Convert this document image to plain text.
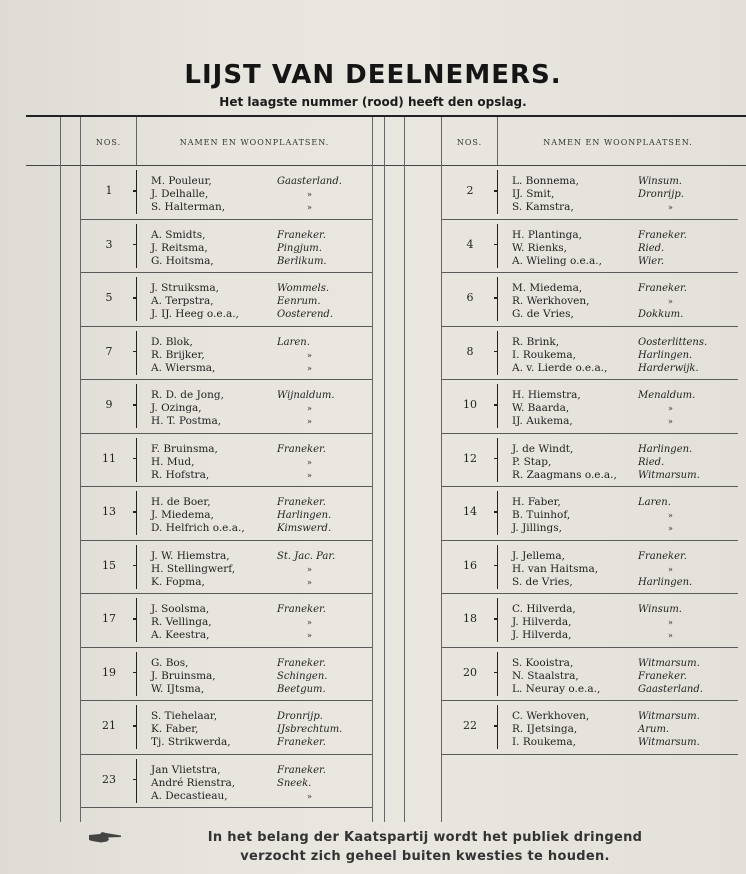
LIJST VAN DEELNEMERS.
Het laagste nummer (rood) heeft den opslag.
NOS.	NAMEN EN WOONPLAATSEN.	NOS.	NAMEN EN WOONPLAATSEN.
1
M. Pouleur,	Gaasterland.
J. Delhalle,	»
S. Halterman,	»
3
A. Smidts,	Franeker.
J. Reitsma,	Pingjum.
G. Hoitsma,	Berlikum.
5
J. Struiksma,	Wommels.
A. Terpstra,	Eenrum.
J. IJ. Heeg o.e.a.,	Oosterend.
7
D. Blok,	Laren.
R. Brijker,	»
A. Wiersma,	»
9
R. D. de Jong,	Wijnaldum.
J. Ozinga,	»
H. T. Postma,	»
11
F. Bruinsma,	Franeker.
H. Mud,	»
R. Hofstra,	»
13
H. de Boer,	Franeker.
J. Miedema,	Harlingen.
D. Helfrich o.e.a.,	Kimswerd.
15
J. W. Hiemstra,	St. Jac. Par.
H. Stellingwerf,	»
K. Fopma,	»
17
J. Soolsma,	Franeker.
R. Vellinga,	»
A. Keestra,	»
19
G. Bos,	Franeker.
J. Bruinsma,	Schingen.
W. IJtsma,	Beetgum.
21
S. Tiehelaar,	Dronrijp.
K. Faber,	IJsbrechtum.
Tj. Strikwerda,	Franeker.
23
Jan Vlietstra,	Franeker.
André Rienstra,	Sneek.
A. Decastieau,	»
2
L. Bonnema,	Winsum.
IJ. Smit,	Dronrijp.
S. Kamstra,	»
4
H. Plantinga,	Franeker.
W. Rienks,	Ried.
A. Wieling o.e.a.,	Wier.
6
M. Miedema,	Franeker.
R. Werkhoven,	»
G. de Vries,	Dokkum.
8
R. Brink,	Oosterlittens.
I. Roukema,	Harlingen.
A. v. Lierde o.e.a.,	Harderwijk.
10
H. Hiemstra,	Menaldum.
W. Baarda,	»
IJ. Aukema,	»
12
J. de Windt,	Harlingen.
P. Stap,	Ried.
R. Zaagmans o.e.a., Witmarsum.
14
H. Faber,	Laren.
B. Tuinhof,	»
J. Jillings,	»
16
J. Jellema,	Franeker.
H. van Haitsma,	»
S. de Vries,	Harlingen.
18
C. Hilverda,	Winsum.
J. Hilverda,	»
J. Hilverda,	»
20
S. Kooistra,	Witmarsum.
N. Staalstra,	Franeker.
L. Neuray o.e.a.,	Gaasterland.
22
C. Werkhoven,	Witmarsum.
R. IJetsinga,	Arum.
I. Roukema,	Witmarsum.
In het belang der Kaatspartij wordt het publiek dringend
verzocht zich geheel buiten kwesties te houden.
